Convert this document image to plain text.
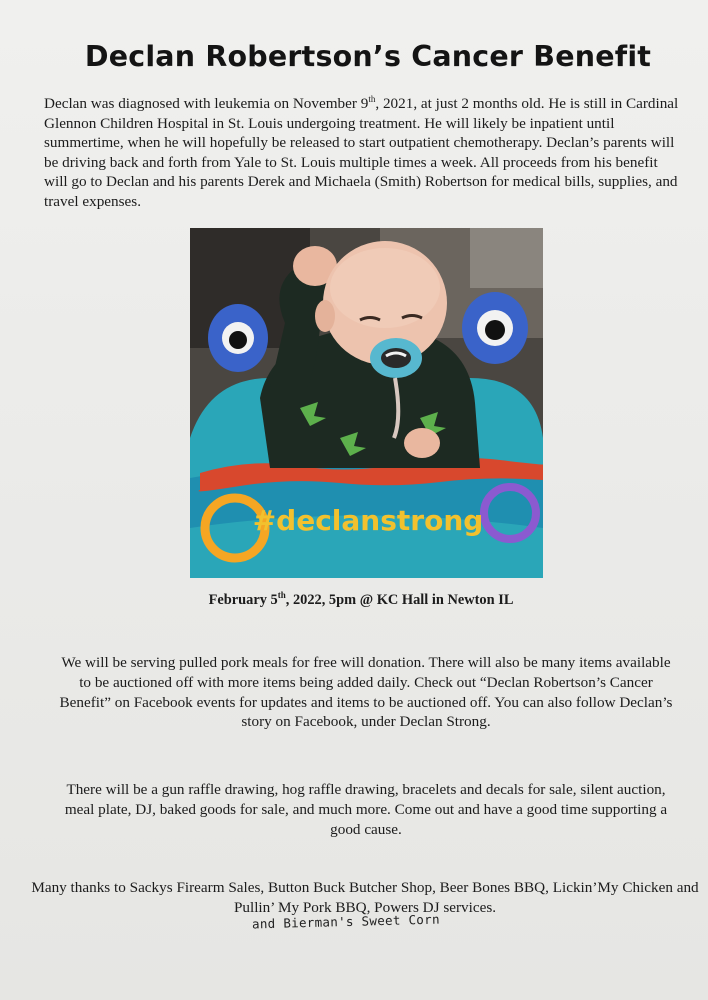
Declan Robertson’s Cancer Benefit
Declan was diagnosed with leukemia on November 9th, 2021, at just 2 months old. He is still in Cardinal Glennon Children Hospital in St. Louis undergoing treatment. He will likely be inpatient until summertime, when he will hopefully be released to start outpatient chemotherapy. Declan’s parents will be driving back and forth from Yale to St. Louis multiple times a week. All proceeds from his benefit will go to Declan and his parents Derek and Michaela (Smith) Robertson for medical bills, supplies, and travel expenses.
#declanstrong
February 5th, 2022, 5pm @ KC Hall in Newton IL
We will be serving pulled pork meals for free will donation. There will also be many items available to be auctioned off with more items being added daily. Check out “Declan Robertson’s Cancer Benefit” on Facebook events for updates and items to be auctioned off. You can also follow Declan’s story on Facebook, under Declan Strong.
There will be a gun raffle drawing, hog raffle drawing, bracelets and decals for sale, silent auction, meal plate, DJ, baked goods for sale, and much more. Come out and have a good time supporting a good cause.
Many thanks to Sackys Firearm Sales, Button Buck Butcher Shop, Beer Bones BBQ, Lickin’My Chicken and Pullin’ My Pork BBQ, Powers DJ services.
and Bierman's Sweet Corn
